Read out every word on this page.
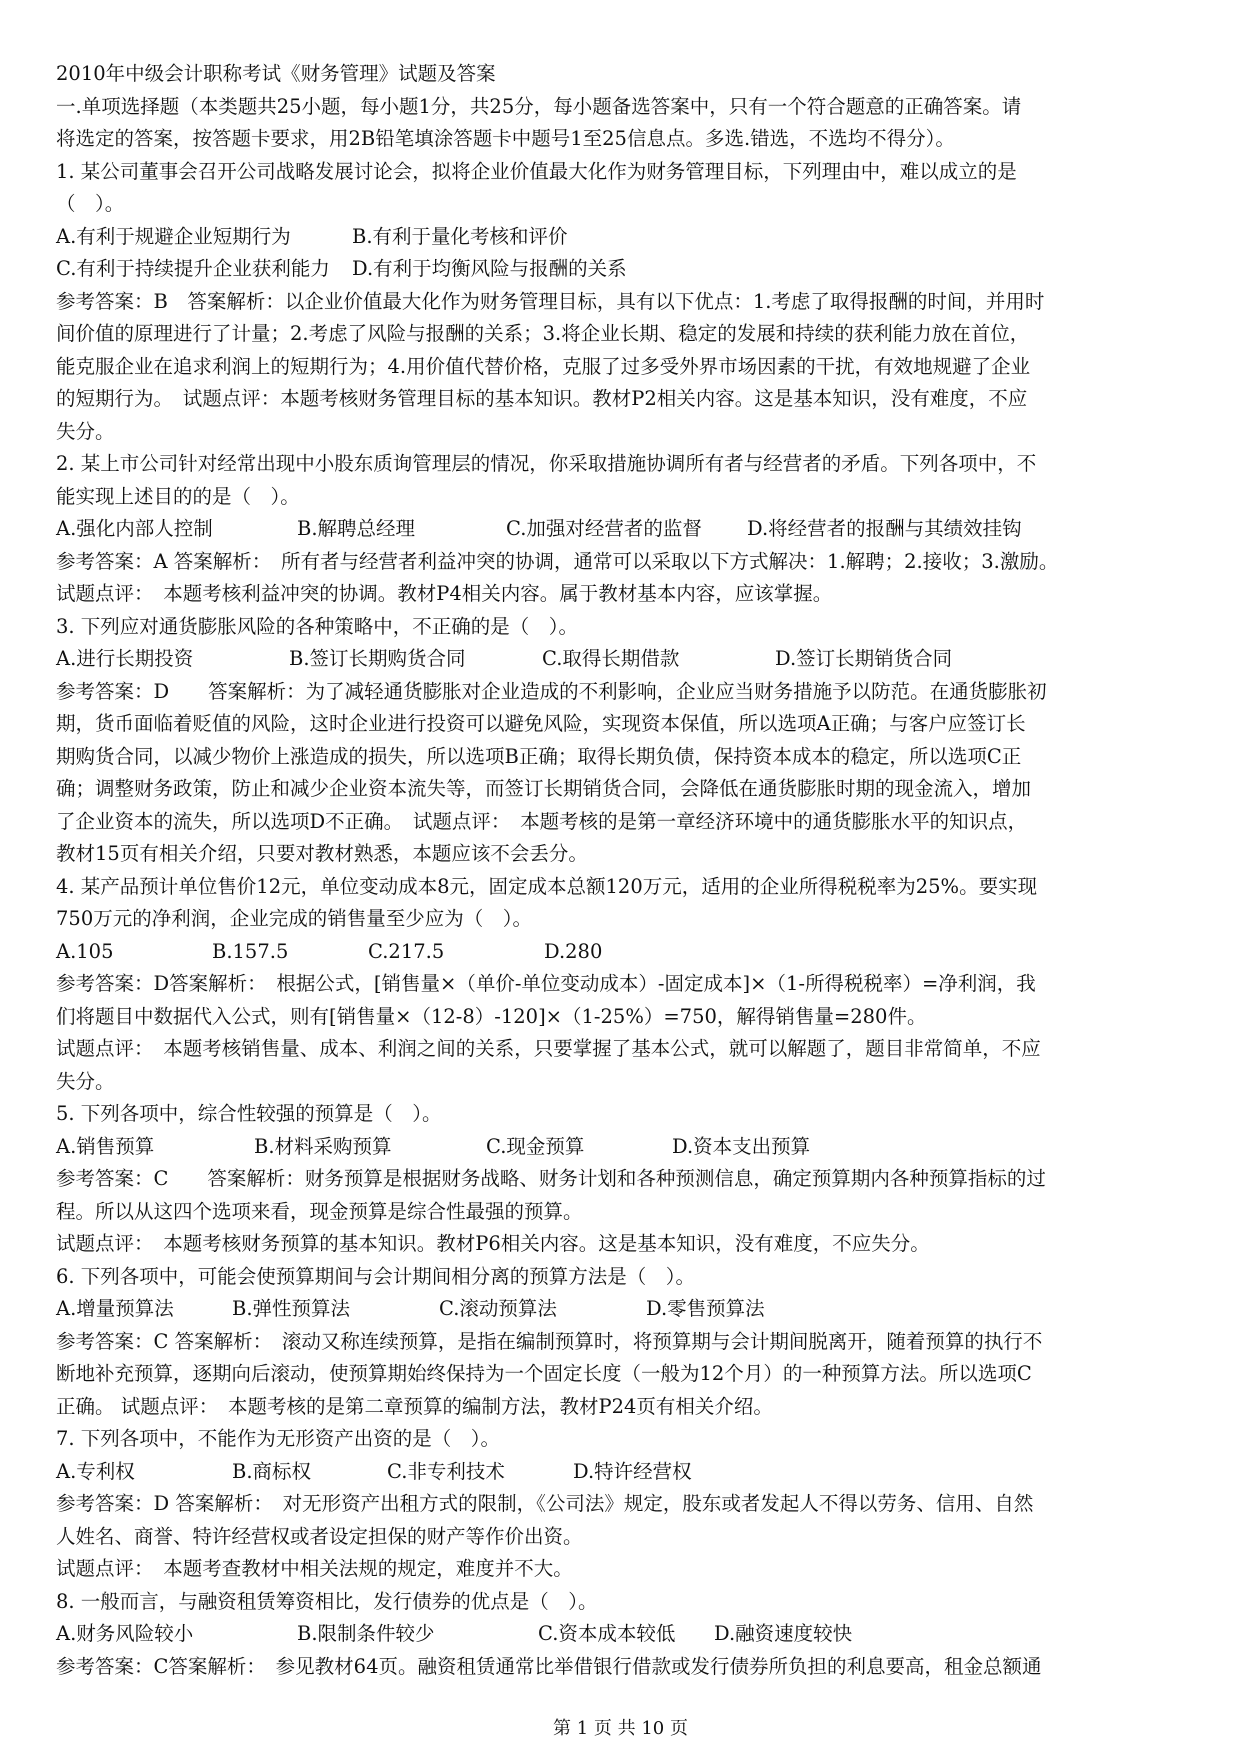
2010年中级会计职称考试《财务管理》试题及答案
一.单项选择题（本类题共25小题，每小题1分，共25分，每小题备选答案中，只有一个符合题意的正确答案。请
将选定的答案，按答题卡要求，用2B铅笔填涂答题卡中题号1至25信息点。多选.错选，不选均不得分）。
1. 某公司董事会召开公司战略发展讨论会，拟将企业价值最大化作为财务管理目标，下列理由中，难以成立的是
（　）。
A.有利于规避企业短期行为	B.有利于量化考核和评价
C.有利于持续提升企业获利能力 D.有利于均衡风险与报酬的关系
参考答案：B　答案解析：以企业价值最大化作为财务管理目标，具有以下优点：1.考虑了取得报酬的时间，并用时
间价值的原理进行了计量；2.考虑了风险与报酬的关系；3.将企业长期、稳定的发展和持续的获利能力放在首位，
能克服企业在追求利润上的短期行为；4.用价值代替价格，克服了过多受外界市场因素的干扰，有效地规避了企业
的短期行为。　试题点评：本题考核财务管理目标的基本知识。教材P2相关内容。这是基本知识，没有难度，不应
失分。
2. 某上市公司针对经常出现中小股东质询管理层的情况，你采取措施协调所有者与经营者的矛盾。下列各项中，不
能实现上述目的的是（　）。
A.强化内部人控制	B.解聘总经理	C.加强对经营者的监督 D.将经营者的报酬与其绩效挂钩
参考答案：A 答案解析：　所有者与经营者利益冲突的协调，通常可以采取以下方式解决：1.解聘；2.接收；3.激励。
试题点评：　本题考核利益冲突的协调。教材P4相关内容。属于教材基本内容，应该掌握。
3. 下列应对通货膨胀风险的各种策略中，不正确的是（　）。
A.进行长期投资	B.签订长期购货合同	C.取得长期借款	D.签订长期销货合同
参考答案：D　　答案解析：为了减轻通货膨胀对企业造成的不利影响，企业应当财务措施予以防范。在通货膨胀初
期，货币面临着贬值的风险，这时企业进行投资可以避免风险，实现资本保值，所以选项A正确；与客户应签订长
期购货合同，以减少物价上涨造成的损失，所以选项B正确；取得长期负债，保持资本成本的稳定，所以选项C正
确；调整财务政策，防止和减少企业资本流失等，而签订长期销货合同，会降低在通货膨胀时期的现金流入，增加
了企业资本的流失，所以选项D不正确。　试题点评：　本题考核的是第一章经济环境中的通货膨胀水平的知识点，
教材15页有相关介绍，只要对教材熟悉，本题应该不会丢分。
4. 某产品预计单位售价12元，单位变动成本8元，固定成本总额120万元，适用的企业所得税税率为25%。要实现
750万元的净利润，企业完成的销售量至少应为（　）。
A.105	B.157.5	C.217.5	D.280
参考答案：D答案解析：　根据公式，[销售量×（单价-单位变动成本）-固定成本]×（1-所得税税率）=净利润，我
们将题目中数据代入公式，则有[销售量×（12-8）-120]×（1-25%）=750，解得销售量=280件。
试题点评：　本题考核销售量、成本、利润之间的关系，只要掌握了基本公式，就可以解题了，题目非常简单，不应
失分。
5. 下列各项中，综合性较强的预算是（　）。
A.销售预算	B.材料采购预算	C.现金预算	D.资本支出预算
参考答案：C　　答案解析：财务预算是根据财务战略、财务计划和各种预测信息，确定预算期内各种预算指标的过
程。所以从这四个选项来看，现金预算是综合性最强的预算。
试题点评：　本题考核财务预算的基本知识。教材P6相关内容。这是基本知识，没有难度，不应失分。
6. 下列各项中，可能会使预算期间与会计期间相分离的预算方法是（　）。
A.增量预算法	B.弹性预算法	C.滚动预算法	D.零售预算法
参考答案：C 答案解析：　滚动又称连续预算，是指在编制预算时，将预算期与会计期间脱离开，随着预算的执行不
断地补充预算，逐期向后滚动，使预算期始终保持为一个固定长度（一般为12个月）的一种预算方法。所以选项C
正确。 试题点评：　本题考核的是第二章预算的编制方法，教材P24页有相关介绍。
7. 下列各项中，不能作为无形资产出资的是（　）。
A.专利权	B.商标权	C.非专利技术	D.特许经营权
参考答案：D 答案解析：　对无形资产出租方式的限制，《公司法》规定，股东或者发起人不得以劳务、信用、自然
人姓名、商誉、特许经营权或者设定担保的财产等作价出资。
试题点评：　本题考查教材中相关法规的规定，难度并不大。
8. 一般而言，与融资租赁筹资相比，发行债券的优点是（　）。
A.财务风险较小	B.限制条件较少	C.资本成本较低 D.融资速度较快
参考答案：C答案解析：　参见教材64页。融资租赁通常比举借银行借款或发行债券所负担的利息要高，租金总额通
第 1 页 共 10 页
